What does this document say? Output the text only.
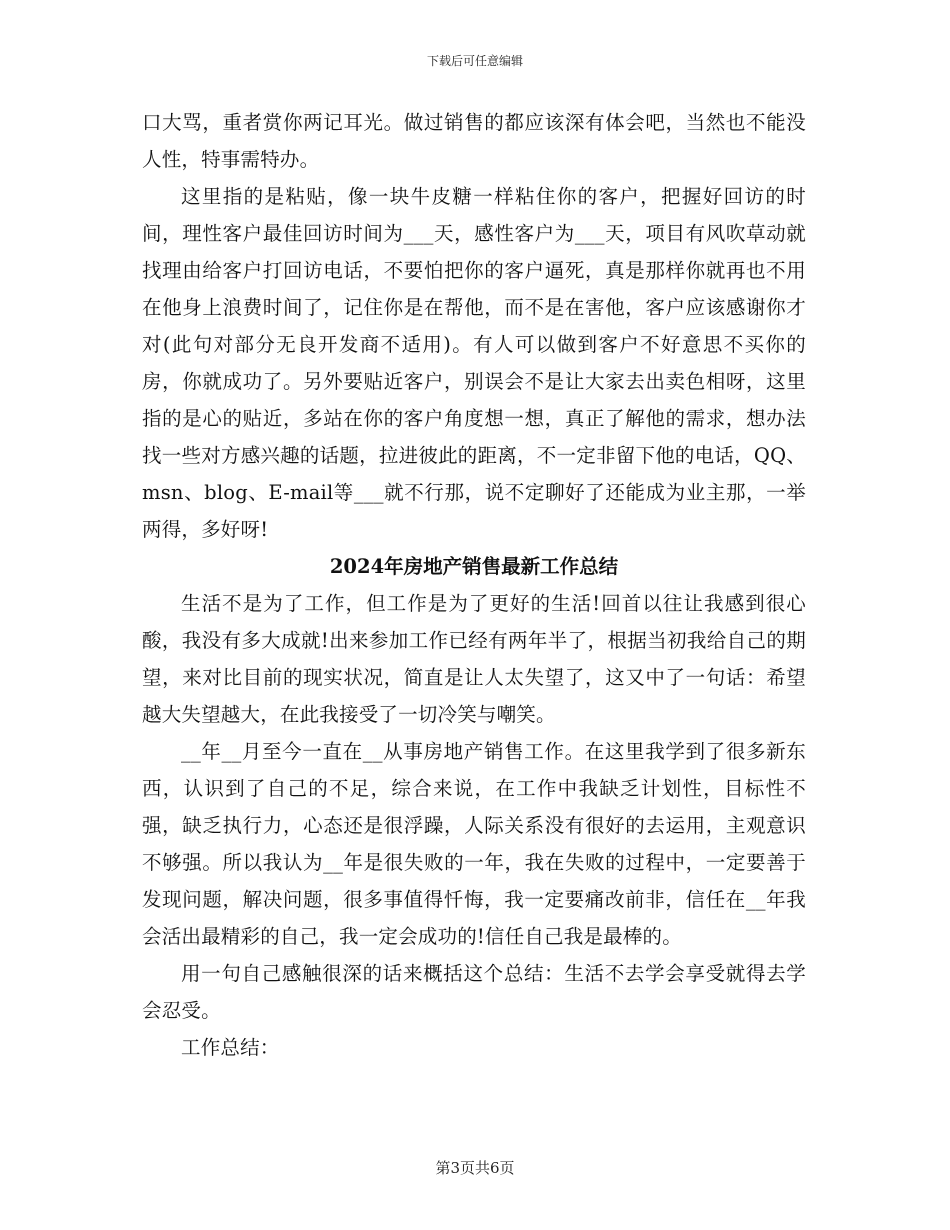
下载后可任意编辑

口大骂，重者赏你两记耳光。做过销售的都应该深有体会吧，当然也不能没人性，特事需特办。

这里指的是粘贴，像一块牛皮糖一样粘住你的客户，把握好回访的时间，理性客户最佳回访时间为___天，感性客户为___天，项目有风吹草动就找理由给客户打回访电话，不要怕把你的客户逼死，真是那样你就再也不用在他身上浪费时间了，记住你是在帮他，而不是在害他，客户应该感谢你才对(此句对部分无良开发商不适用)。有人可以做到客户不好意思不买你的房，你就成功了。另外要贴近客户，别误会不是让大家去出卖色相呀，这里指的是心的贴近，多站在你的客户角度想一想，真正了解他的需求，想办法找一些对方感兴趣的话题，拉进彼此的距离，不一定非留下他的电话，QQ、msn、blog、E-mail等___就不行那，说不定聊好了还能成为业主那，一举两得，多好呀!

2024年房地产销售最新工作总结

生活不是为了工作，但工作是为了更好的生活!回首以往让我感到很心酸，我没有多大成就!出来参加工作已经有两年半了，根据当初我给自己的期望，来对比目前的现实状况，简直是让人太失望了，这又中了一句话：希望越大失望越大，在此我接受了一切冷笑与嘲笑。

__年__月至今一直在__从事房地产销售工作。在这里我学到了很多新东西，认识到了自己的不足，综合来说，在工作中我缺乏计划性，目标性不强，缺乏执行力，心态还是很浮躁，人际关系没有很好的去运用，主观意识不够强。所以我认为__年是很失败的一年，我在失败的过程中，一定要善于发现问题，解决问题，很多事值得忏悔，我一定要痛改前非，信任在__年我会活出最精彩的自己，我一定会成功的!信任自己我是最棒的。

用一句自己感触很深的话来概括这个总结：生活不去学会享受就得去学会忍受。

工作总结：

第3页共6页
